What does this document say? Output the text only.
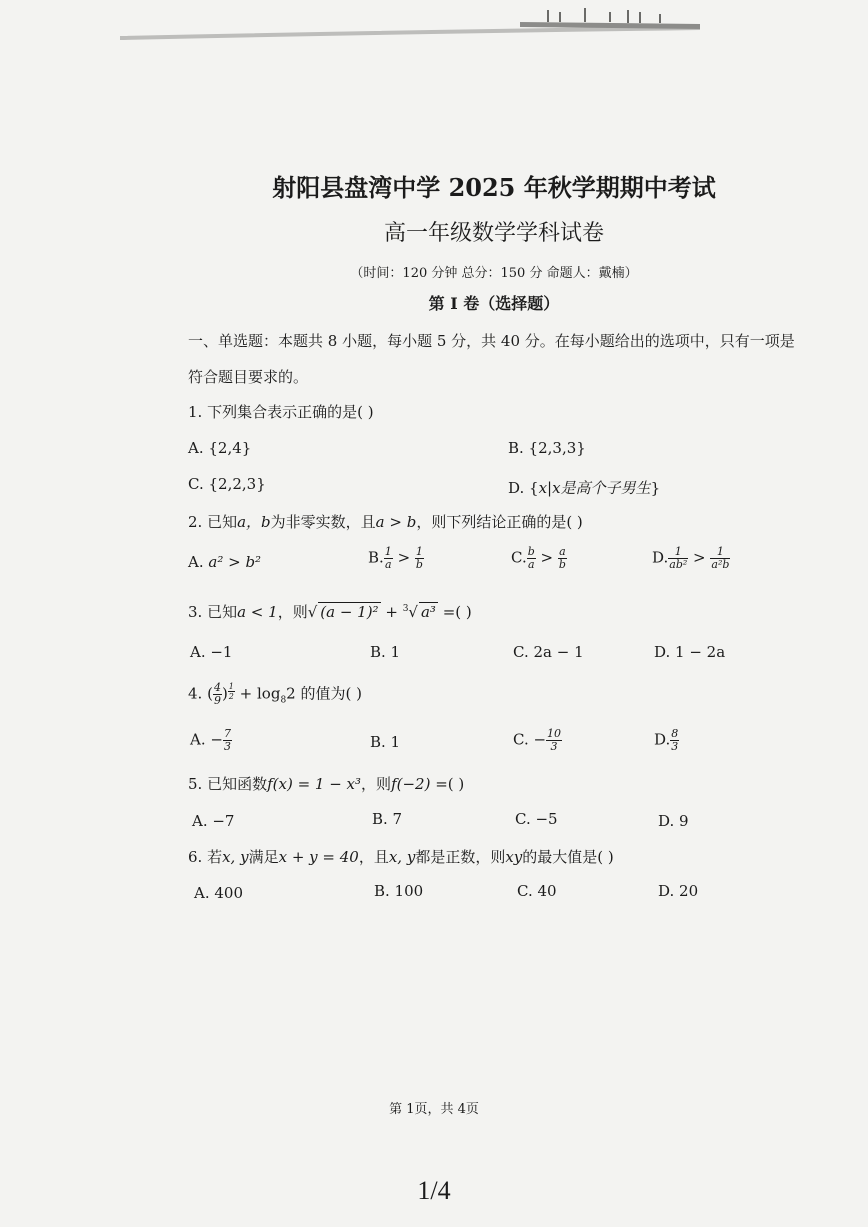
射阳县盘湾中学 2025 年秋学期期中考试
高一年级数学学科试卷
（时间：120 分钟 总分：150 分 命题人：戴楠）
第 I 卷（选择题）
一、单选题：本题共 8 小题，每小题 5 分，共 40 分。在每小题给出的选项中，只有一项是
符合题目要求的。
1. 下列集合表示正确的是( )
A. {2,4}	B. {2,3,3}
C. {2,2,3}	D. {x|x是高个子男生}
2. 已知a，b为非零实数，且a > b，则下列结论正确的是( )
A. a² > b²	B. $\frac{1}{a} > \frac{1}{b}$	C. $\frac{b}{a} > \frac{a}{b}$	D. $\frac{1}{\text{ab²}} > \frac{1}{\text{a²b}}$
3. 已知a < 1，则√ (a − 1)² + $^3$√ a³ =( )
A. −1	B. 1	C. 2a − 1	D. 1 − 2a
4. ( $\frac{4}{9}$ ) $^{\frac{1}{2}} + \log_82$ 的值为( )
A. − $\frac{7}{3}$	B. 1	C. − $\frac{10}{3}$	D. $\frac{8}{3}$
5. 已知函数f(x) = 1 − x³，则f(−2) =( )
A. −7	B. 7	C. −5	D. 9
6. 若x, y满足x + y = 40，且x, y都是正数，则xy的最大值是( )
A. 400	B. 100	C. 40	D. 20
第 1页，共 4页
1/4
